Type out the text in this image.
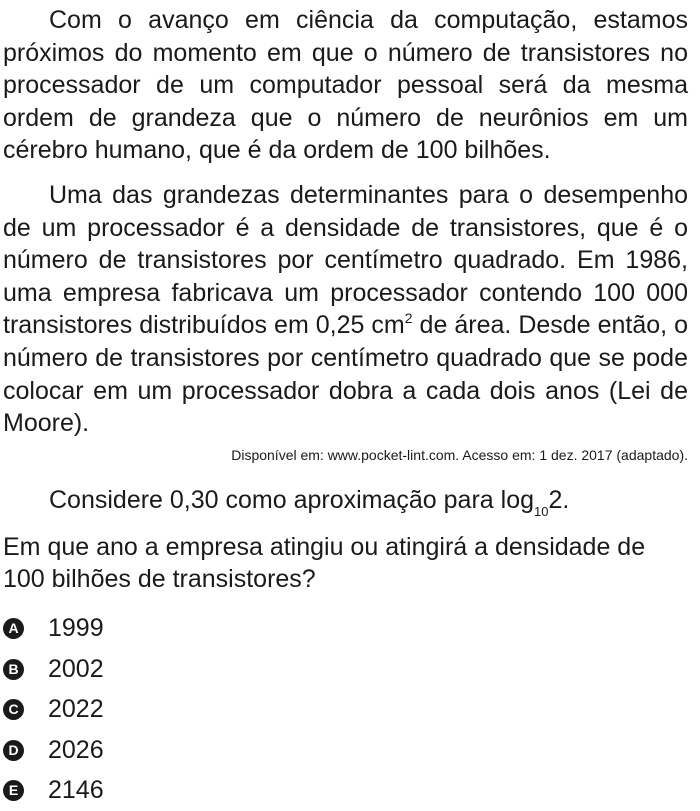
Com o avanço em ciência da computação, estamos próximos do momento em que o número de transistores no processador de um computador pessoal será da mesma ordem de grandeza que o número de neurônios em um cérebro humano, que é da ordem de 100 bilhões.

Uma das grandezas determinantes para o desempenho de um processador é a densidade de transistores, que é o número de transistores por centímetro quadrado. Em 1986, uma empresa fabricava um processador contendo 100 000 transistores distribuídos em 0,25 $cm^2$ de área. Desde então, o número de transistores por centímetro quadrado que se pode colocar em um processador dobra a cada dois anos (Lei de Moore).

Disponível em: www.pocket-lint.com. Acesso em: 1 dez. 2017 (adaptado).

Considere 0,30 como aproximação para $\log_{10}2$.

Em que ano a empresa atingiu ou atingirá a densidade de 100 bilhões de transistores?

A 1999
B 2002
C 2022
D 2026
E 2146
